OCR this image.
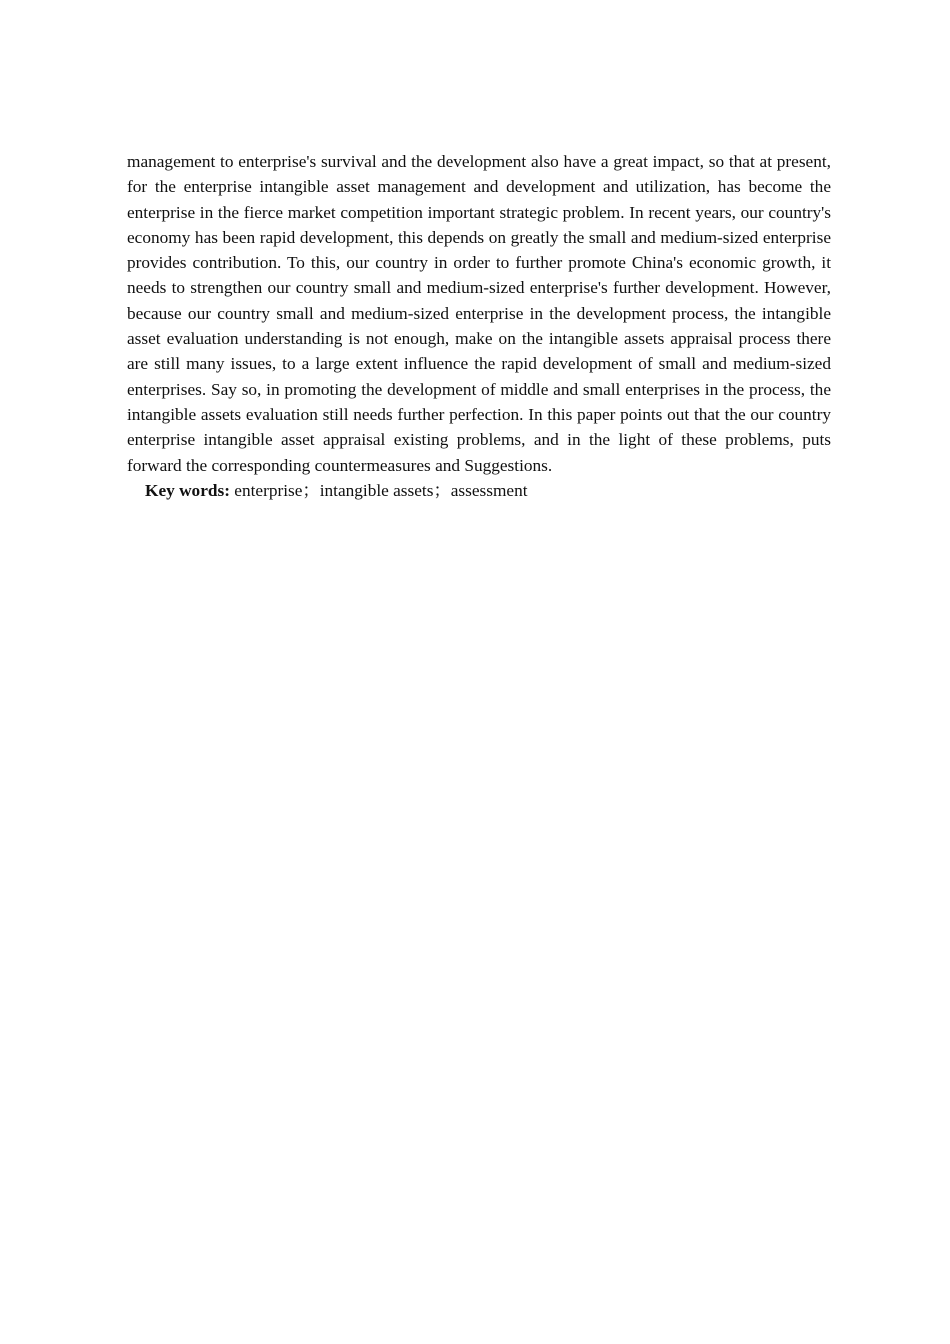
management to enterprise's survival and the development also have a great impact, so that at present, for the enterprise intangible asset management and development and utilization, has become the enterprise in the fierce market competition important strategic problem. In recent years, our country's economy has been rapid development, this depends on greatly the small and medium-sized enterprise provides contribution. To this, our country in order to further promote China's economic growth, it needs to strengthen our country small and medium-sized enterprise's further development. However, because our country small and medium-sized enterprise in the development process, the intangible asset evaluation understanding is not enough, make on the intangible assets appraisal process there are still many issues, to a large extent influence the rapid development of small and medium-sized enterprises. Say so, in promoting the development of middle and small enterprises in the process, the intangible assets evaluation still needs further perfection. In this paper points out that the our country enterprise intangible asset appraisal existing problems, and in the light of these problems, puts forward the corresponding countermeasures and Suggestions.

Key words: enterprise；intangible assets；assessment
